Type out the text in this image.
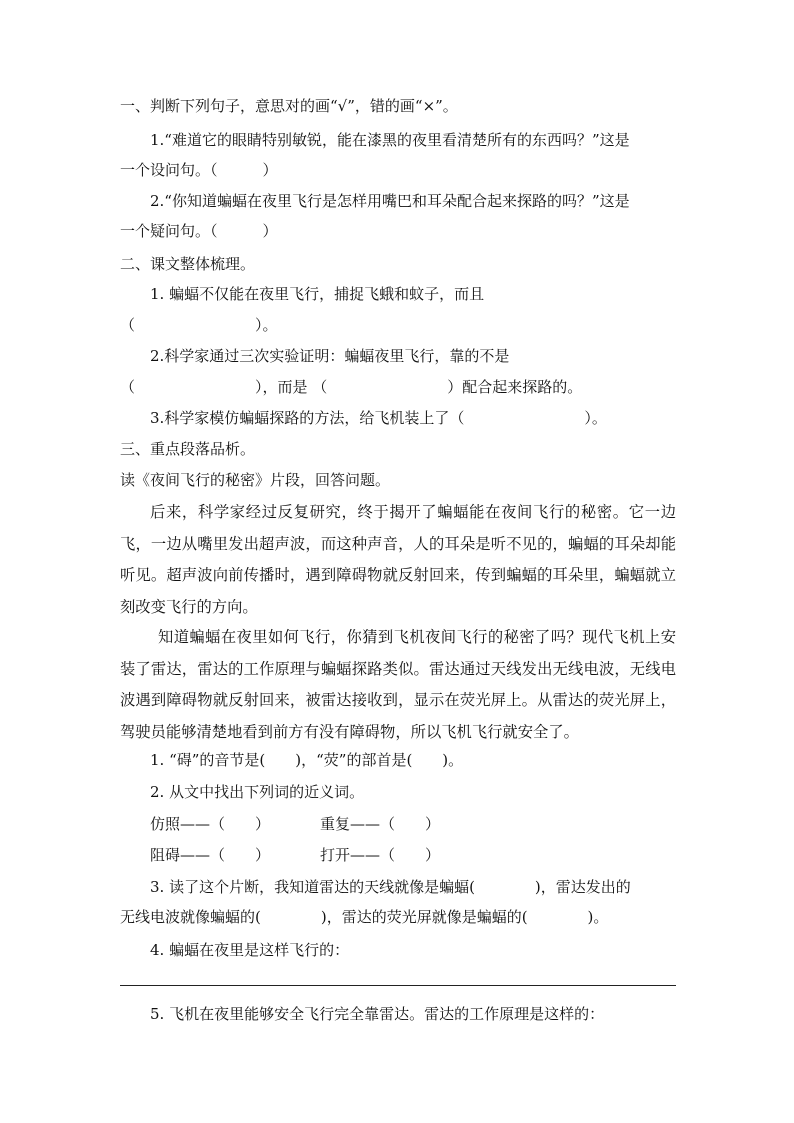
一、判断下列句子，意思对的画“√”，错的画“×”。
1.“难道它的眼睛特别敏锐，能在漆黑的夜里看清楚所有的东西吗？”这是
一个设问句。（　　　）
2.“你知道蝙蝠在夜里飞行是怎样用嘴巴和耳朵配合起来探路的吗？”这是
一个疑问句。（　　　）
二、课文整体梳理。
1. 蝙蝠不仅能在夜里飞行，捕捉飞蛾和蚊子，而且
（　　　　　　　　）。
2.科学家通过三次实验证明：蝙蝠夜里飞行，靠的不是
（　　　　　　　　），而是 （　　　　　　　　）配合起来探路的。
3.科学家模仿蝙蝠探路的方法，给飞机装上了（　　　　　　　　）。
三、重点段落品析。
读《夜间飞行的秘密》片段，回答问题。

后来，科学家经过反复研究，终于揭开了蝙蝠能在夜间飞行的秘密。它一边飞，一边从嘴里发出超声波，而这种声音，人的耳朵是听不见的，蝙蝠的耳朵却能听见。超声波向前传播时，遇到障碍物就反射回来，传到蝙蝠的耳朵里，蝙蝠就立刻改变飞行的方向。

知道蝙蝠在夜里如何飞行，你猜到飞机夜间飞行的秘密了吗？现代飞机上安装了雷达，雷达的工作原理与蝙蝠探路类似。雷达通过天线发出无线电波，无线电波遇到障碍物就反射回来，被雷达接收到，显示在荧光屏上。从雷达的荧光屏上，驾驶员能够清楚地看到前方有没有障碍物，所以飞机飞行就安全了。

1. “碍”的音节是(　　)，“荧”的部首是(　　)。
2. 从文中找出下列词的近义词。
仿照——（　　）	重复——（　　）
阻碍——（　　）	打开——（　　）
3. 读了这个片断，我知道雷达的天线就像是蝙蝠(　　　　)，雷达发出的
无线电波就像蝙蝠的(　　　　)，雷达的荧光屏就像是蝙蝠的(　　　　)。
4. 蝙蝠在夜里是这样飞行的：
5. 飞机在夜里能够安全飞行完全靠雷达。雷达的工作原理是这样的：
